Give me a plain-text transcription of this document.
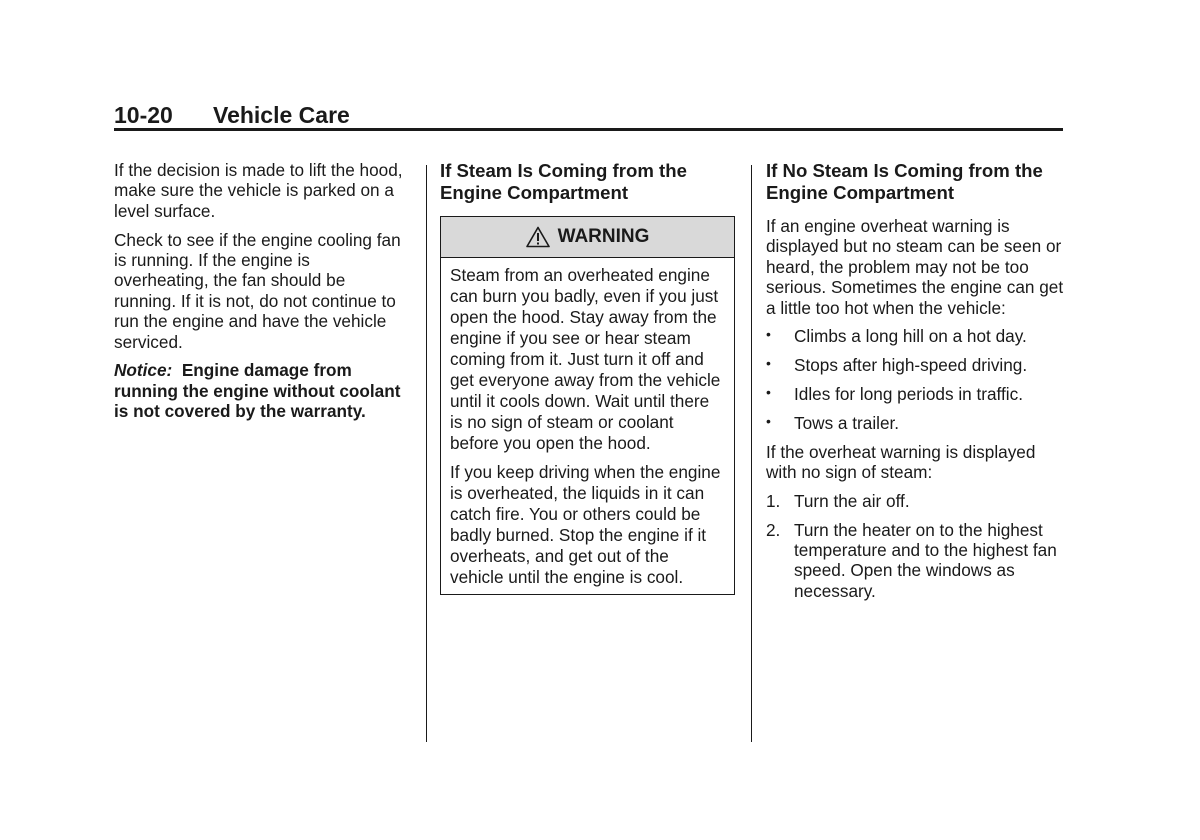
10-20 Vehicle Care

If the decision is made to lift the hood, make sure the vehicle is parked on a level surface.

Check to see if the engine cooling fan is running. If the engine is overheating, the fan should be running. If it is not, do not continue to run the engine and have the vehicle serviced.

Notice: Engine damage from running the engine without coolant is not covered by the warranty.

If Steam Is Coming from the Engine Compartment
WARNING

Steam from an overheated engine can burn you badly, even if you just open the hood. Stay away from the engine if you see or hear steam coming from it. Just turn it off and get everyone away from the vehicle until it cools down. Wait until there is no sign of steam or coolant before you open the hood.

If you keep driving when the engine is overheated, the liquids in it can catch fire. You or others could be badly burned. Stop the engine if it overheats, and get out of the vehicle until the engine is cool.

If No Steam Is Coming from the Engine Compartment

If an engine overheat warning is displayed but no steam can be seen or heard, the problem may not be too serious. Sometimes the engine can get a little too hot when the vehicle:

• Climbs a long hill on a hot day.
• Stops after high-speed driving.
• Idles for long periods in traffic.
• Tows a trailer.

If the overheat warning is displayed with no sign of steam:

1. Turn the air off.
2. Turn the heater on to the highest temperature and to the highest fan speed. Open the windows as necessary.
